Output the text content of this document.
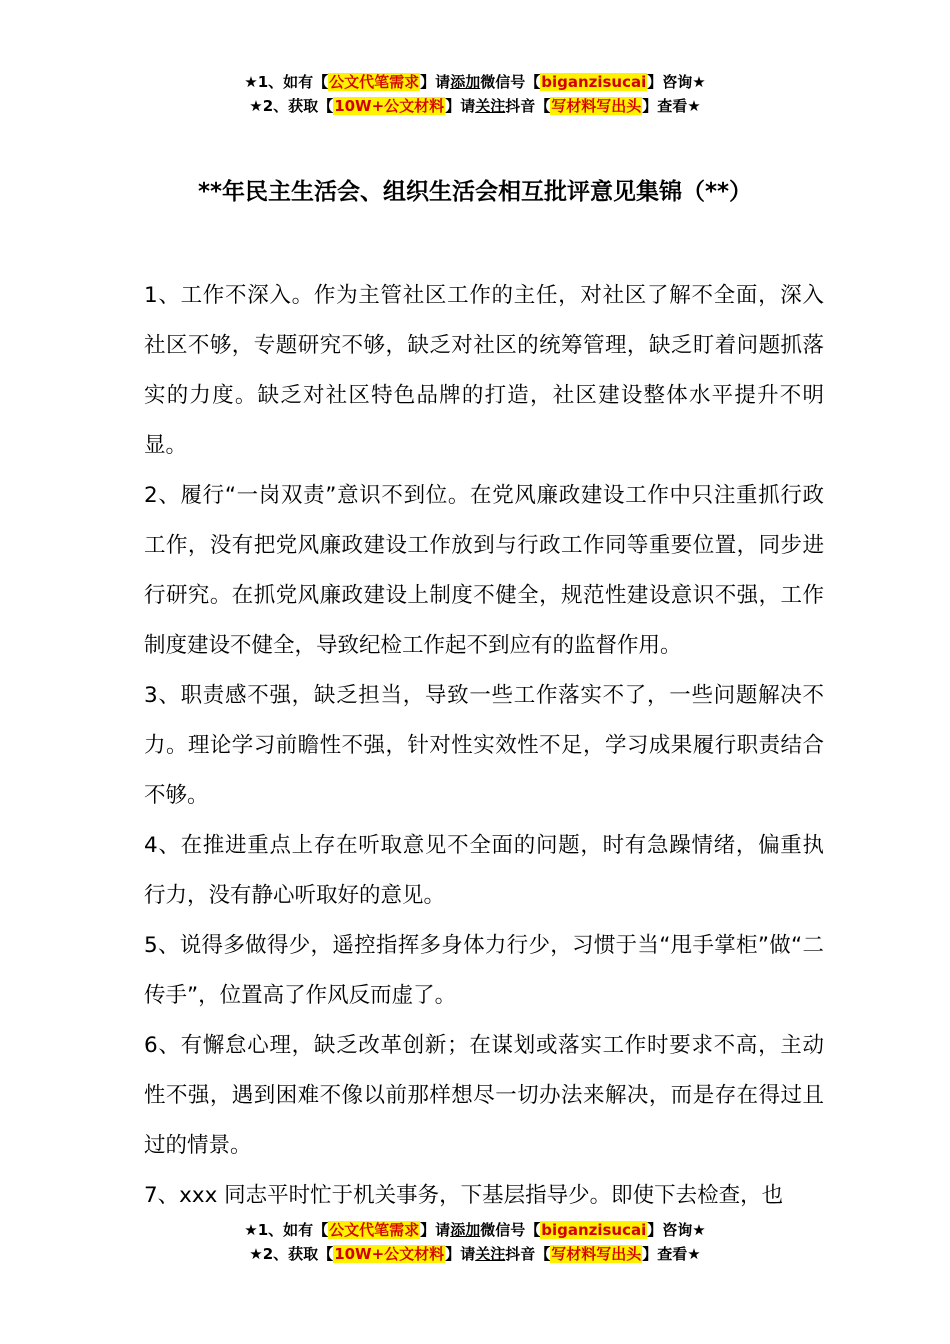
★1、如有【公文代笔需求】请添加微信号【biganzisucai】咨询★
★2、获取【10W+公文材料】请关注抖音【写材料写出头】查看★
**年民主生活会、组织生活会相互批评意见集锦（**）

1、工作不深入。作为主管社区工作的主任，对社区了解不全面，深入社区不够，专题研究不够，缺乏对社区的统筹管理，缺乏盯着问题抓落实的力度。缺乏对社区特色品牌的打造，社区建设整体水平提升不明显。

2、履行“一岗双责”意识不到位。在党风廉政建设工作中只注重抓行政工作，没有把党风廉政建设工作放到与行政工作同等重要位置，同步进行研究。在抓党风廉政建设上制度不健全，规范性建设意识不强，工作制度建设不健全，导致纪检工作起不到应有的监督作用。

3、职责感不强，缺乏担当，导致一些工作落实不了，一些问题解决不力。理论学习前瞻性不强，针对性实效性不足，学习成果履行职责结合不够。

4、在推进重点上存在听取意见不全面的问题，时有急躁情绪，偏重执行力，没有静心听取好的意见。

5、说得多做得少，遥控指挥多身体力行少，习惯于当“甩手掌柜”做“二传手”，位置高了作风反而虚了。

6、有懈怠心理，缺乏改革创新；在谋划或落实工作时要求不高，主动性不强，遇到困难不像以前那样想尽一切办法来解决，而是存在得过且过的情景。

7、xxx 同志平时忙于机关事务，下基层指导少。即使下去检查，也

★1、如有【公文代笔需求】请添加微信号【biganzisucai】咨询★
★2、获取【10W+公文材料】请关注抖音【写材料写出头】查看★
